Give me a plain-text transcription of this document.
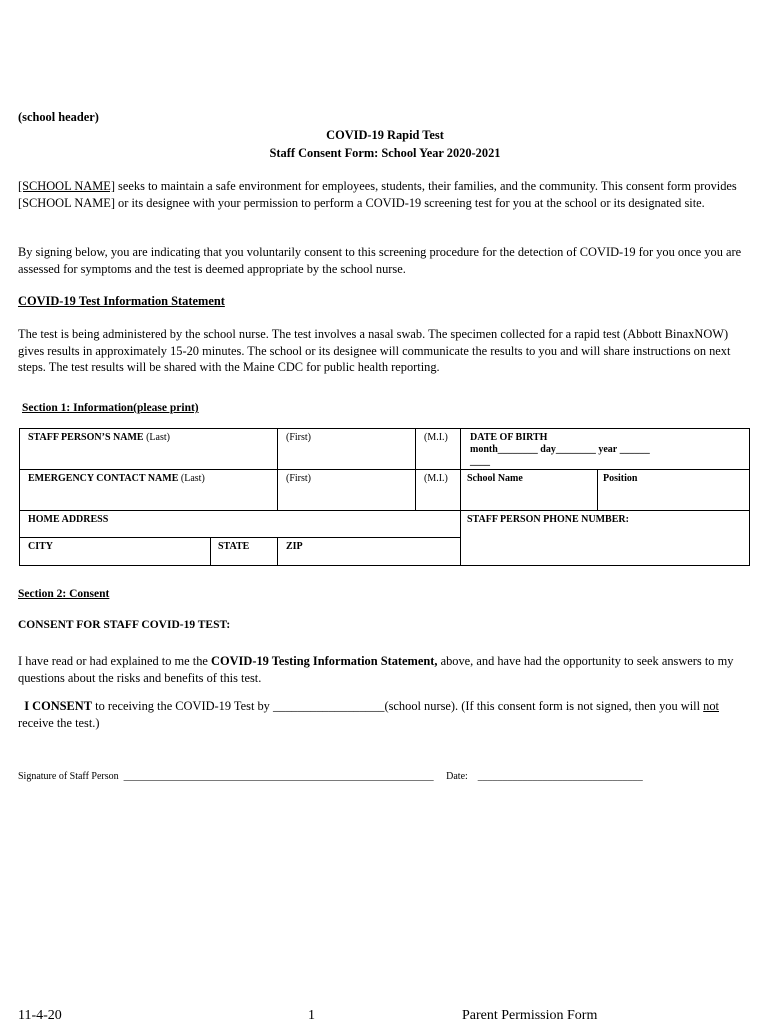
(school header)
COVID-19 Rapid Test
Staff Consent Form: School Year 2020-2021
[SCHOOL NAME] seeks to maintain a safe environment for employees, students, their families, and the community. This consent form provides [SCHOOL NAME] or its designee with your permission to perform a COVID-19 screening test for you at the school or its designated site.
By signing below, you are indicating that you voluntarily consent to this screening procedure for the detection of COVID-19 for you once you are assessed for symptoms and the test is deemed appropriate by the school nurse.
COVID-19 Test Information Statement
The test is being administered by the school nurse. The test involves a nasal swab. The specimen collected for a rapid test (Abbott BinaxNOW) gives results in approximately 15-20 minutes. The school or its designee will communicate the results to you and will share instructions on next steps. The test results will be shared with the Maine CDC for public health reporting.
Section 1: Information(please print)
STAFF PERSON’S NAME (Last)	(First)	(M.I.) DATE OF BIRTH
month________ day________ year ______
____
EMERGENCY CONTACT NAME (Last)	(First)	(M.I.) School Name	Position
HOME ADDRESS	STAFF PERSON PHONE NUMBER:
CITY	STATE	ZIP
Section 2: Consent
CONSENT FOR STAFF COVID-19 TEST:
I have read or had explained to me the COVID-19 Testing Information Statement, above, and have had the opportunity to seek answers to my questions about the risks and benefits of this test.
I CONSENT to receiving the COVID-19 Test by __________________(school nurse). (If this consent form is not signed, then you will not receive the test.)
Signature of Staff Person ______________________________________________________________ Date: _________________________________
11-4-20	1	Parent Permission Form
